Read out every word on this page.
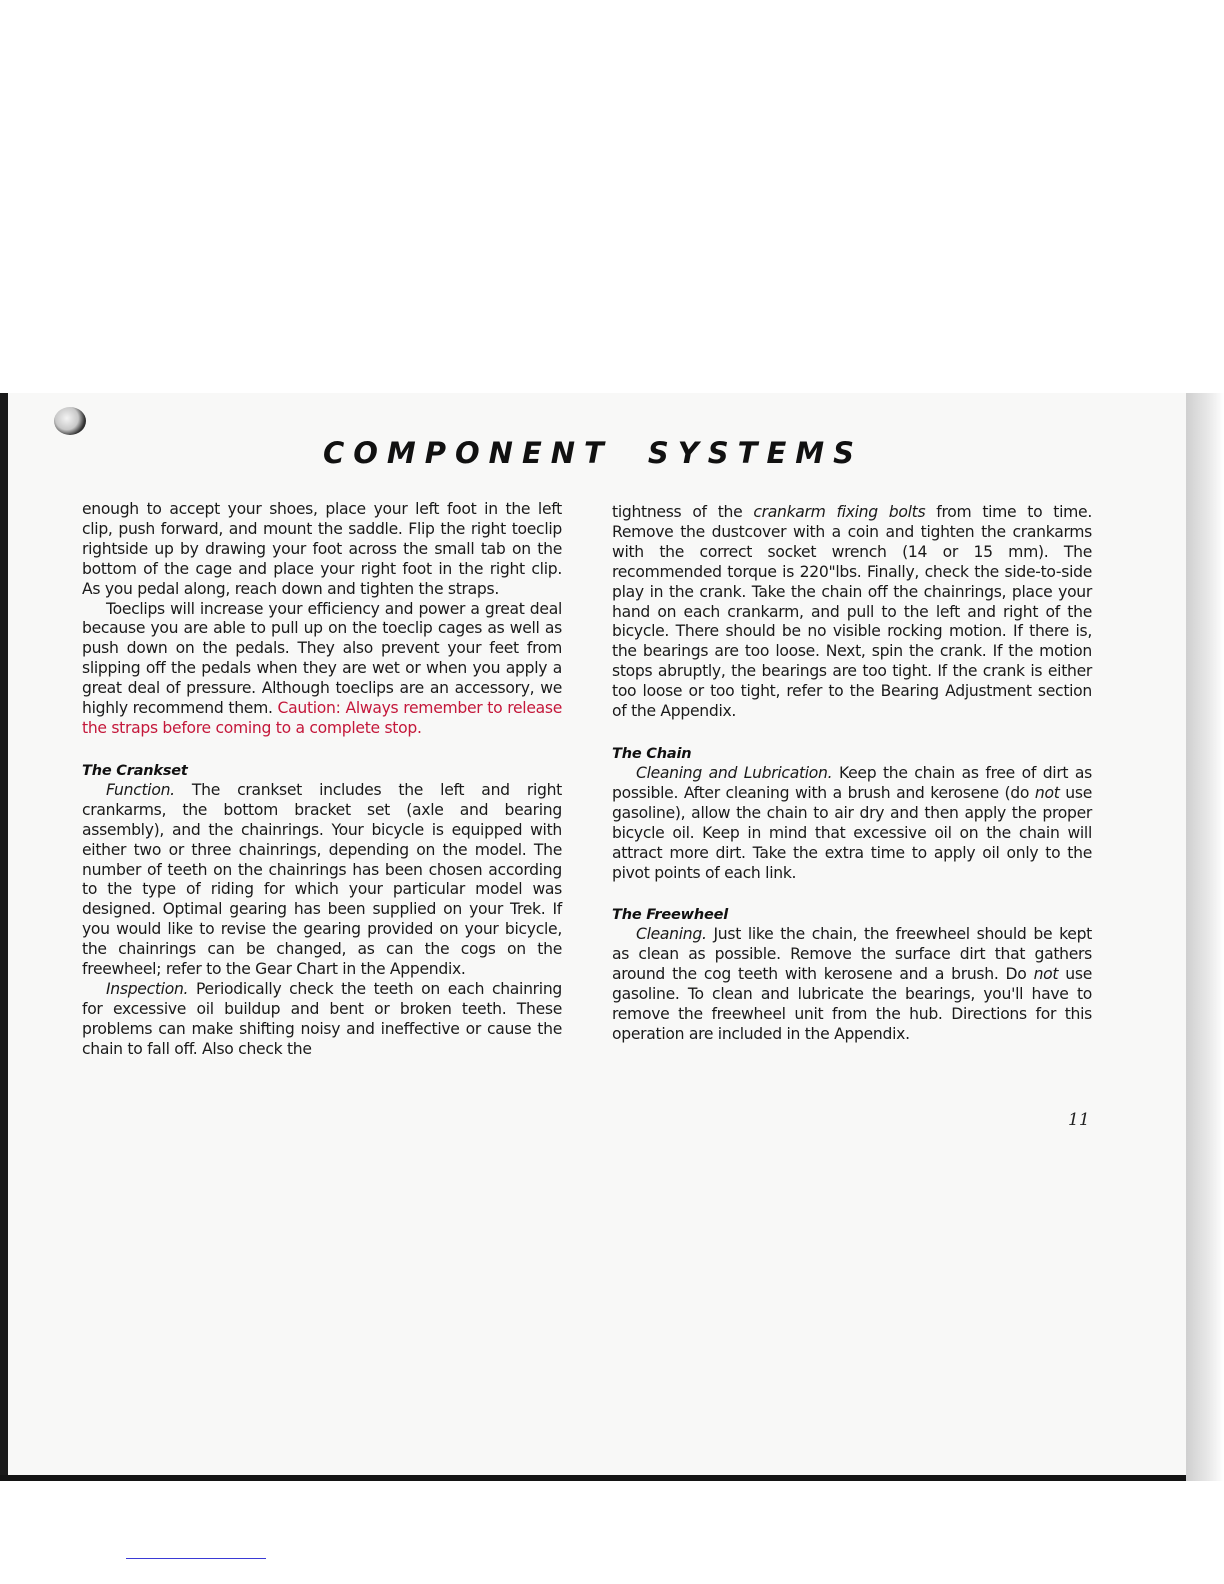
COMPONENT SYSTEMS

enough to accept your shoes, place your left foot in the left clip, push forward, and mount the saddle. Flip the right toeclip rightside up by drawing your foot across the small tab on the bottom of the cage and place your right foot in the right clip. As you pedal along, reach down and tighten the straps.

Toeclips will increase your efficiency and power a great deal because you are able to pull up on the toeclip cages as well as push down on the pedals. They also prevent your feet from slipping off the pedals when they are wet or when you apply a great deal of pressure. Although toeclips are an accessory, we highly recommend them. Caution: Always remember to release the straps before coming to a complete stop.

The Crankset

Function. The crankset includes the left and right crankarms, the bottom bracket set (axle and bearing assembly), and the chainrings. Your bicycle is equipped with either two or three chainrings, depending on the model. The number of teeth on the chainrings has been chosen according to the type of riding for which your particular model was designed. Optimal gearing has been supplied on your Trek. If you would like to revise the gearing provided on your bicycle, the chainrings can be changed, as can the cogs on the freewheel; refer to the Gear Chart in the Appendix.

Inspection. Periodically check the teeth on each chainring for excessive oil buildup and bent or broken teeth. These problems can make shifting noisy and ineffective or cause the chain to fall off. Also check the

tightness of the crankarm fixing bolts from time to time. Remove the dustcover with a coin and tighten the crankarms with the correct socket wrench (14 or 15 mm). The recommended torque is 220"lbs. Finally, check the side-to-side play in the crank. Take the chain off the chainrings, place your hand on each crankarm, and pull to the left and right of the bicycle. There should be no visible rocking motion. If there is, the bearings are too loose. Next, spin the crank. If the motion stops abruptly, the bearings are too tight. If the crank is either too loose or too tight, refer to the Bearing Adjustment section of the Appendix.

The Chain

Cleaning and Lubrication. Keep the chain as free of dirt as possible. After cleaning with a brush and kerosene (do not use gasoline), allow the chain to air dry and then apply the proper bicycle oil. Keep in mind that excessive oil on the chain will attract more dirt. Take the extra time to apply oil only to the pivot points of each link.

The Freewheel

Cleaning. Just like the chain, the freewheel should be kept as clean as possible. Remove the surface dirt that gathers around the cog teeth with kerosene and a brush. Do not use gasoline. To clean and lubricate the bearings, you'll have to remove the freewheel unit from the hub. Directions for this operation are included in the Appendix.

11
